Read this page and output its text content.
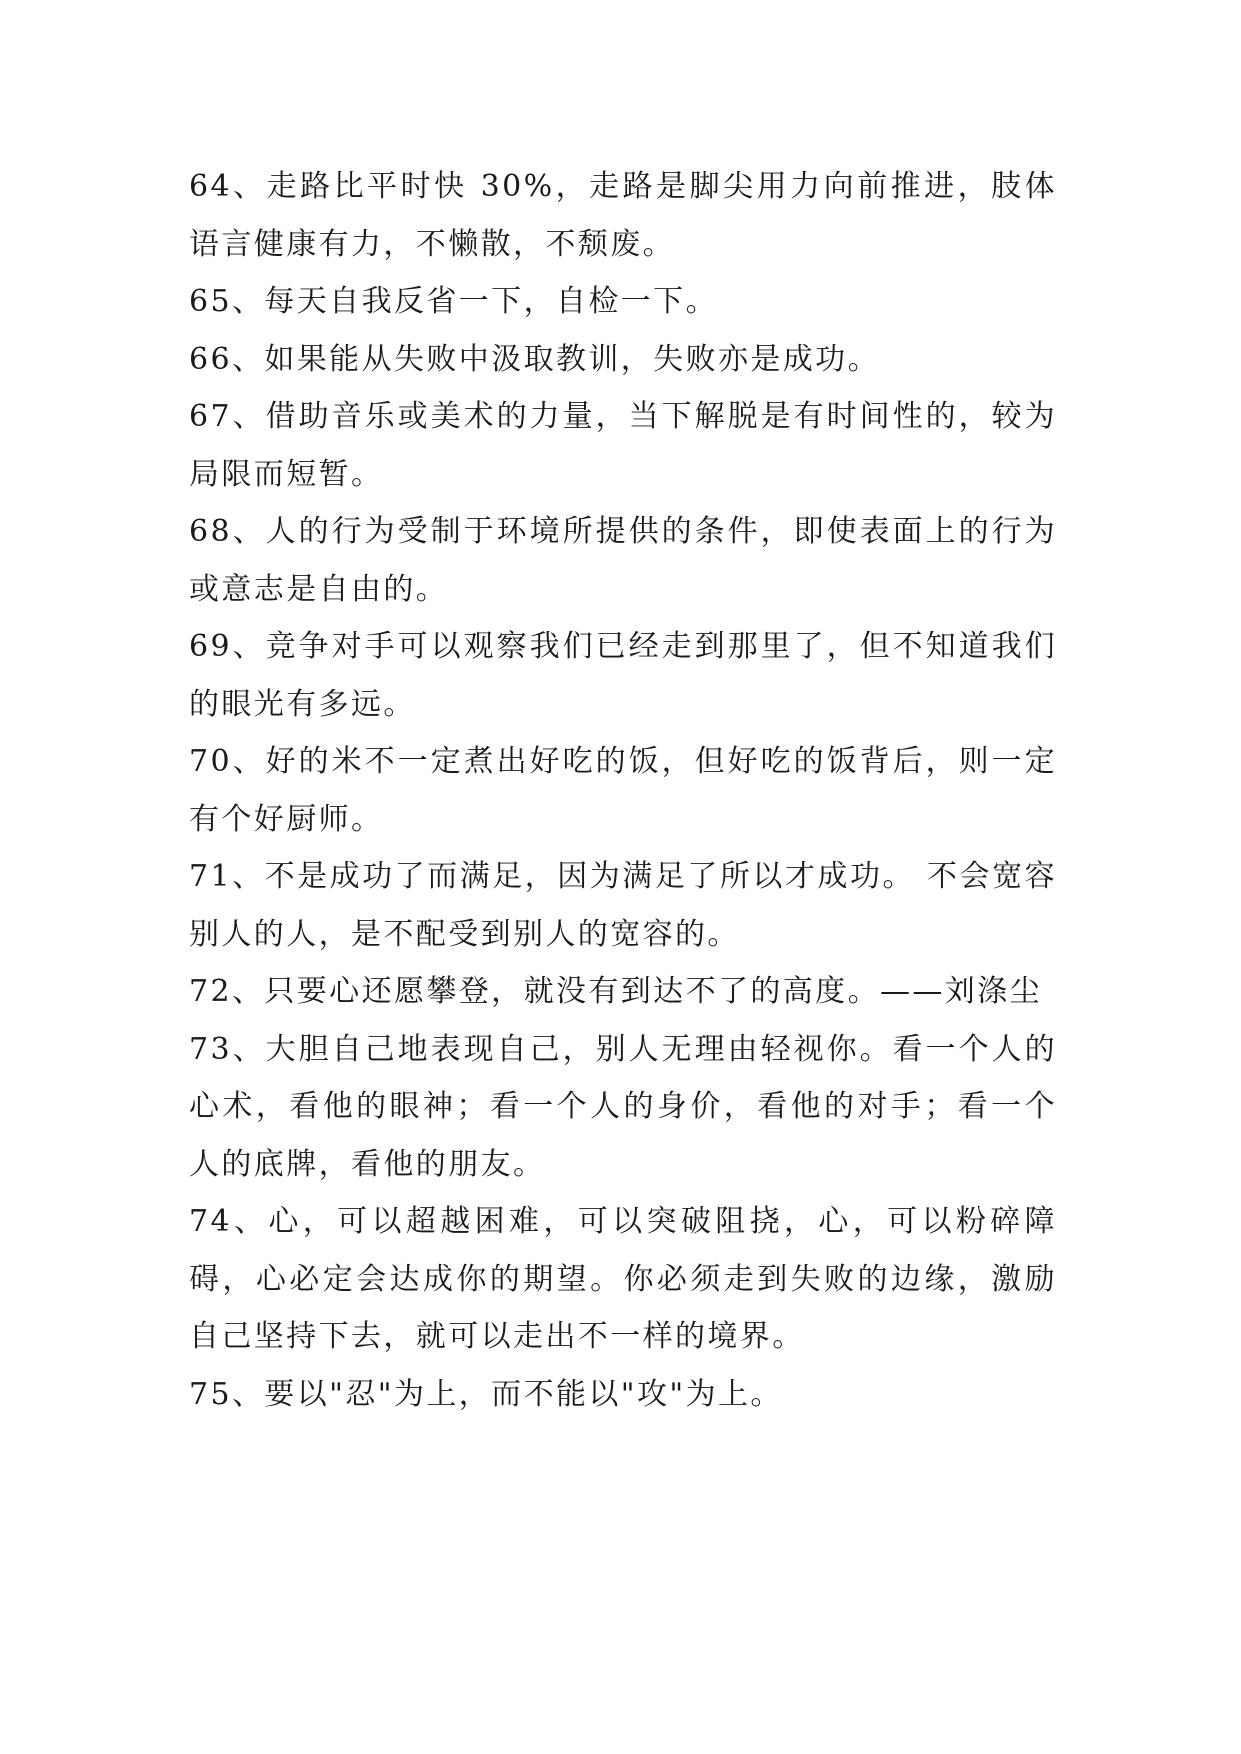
64、走路比平时快 30%，走路是脚尖用力向前推进，肢体语言健康有力，不懒散，不颓废。

65、每天自我反省一下，自检一下。

66、如果能从失败中汲取教训，失败亦是成功。

67、借助音乐或美术的力量，当下解脱是有时间性的，较为局限而短暂。

68、人的行为受制于环境所提供的条件，即使表面上的行为或意志是自由的。

69、竞争对手可以观察我们已经走到那里了，但不知道我们的眼光有多远。

70、好的米不一定煮出好吃的饭，但好吃的饭背后，则一定有个好厨师。

71、不是成功了而满足，因为满足了所以才成功。 不会宽容别人的人，是不配受到别人的宽容的。

72、只要心还愿攀登，就没有到达不了的高度。——刘涤尘

73、大胆自己地表现自己，别人无理由轻视你。看一个人的心术，看他的眼神；看一个人的身价，看他的对手；看一个人的底牌，看他的朋友。

74、心，可以超越困难，可以突破阻挠，心，可以粉碎障碍，心必定会达成你的期望。你必须走到失败的边缘，激励自己坚持下去，就可以走出不一样的境界。

75、要以"忍"为上，而不能以"攻"为上。
